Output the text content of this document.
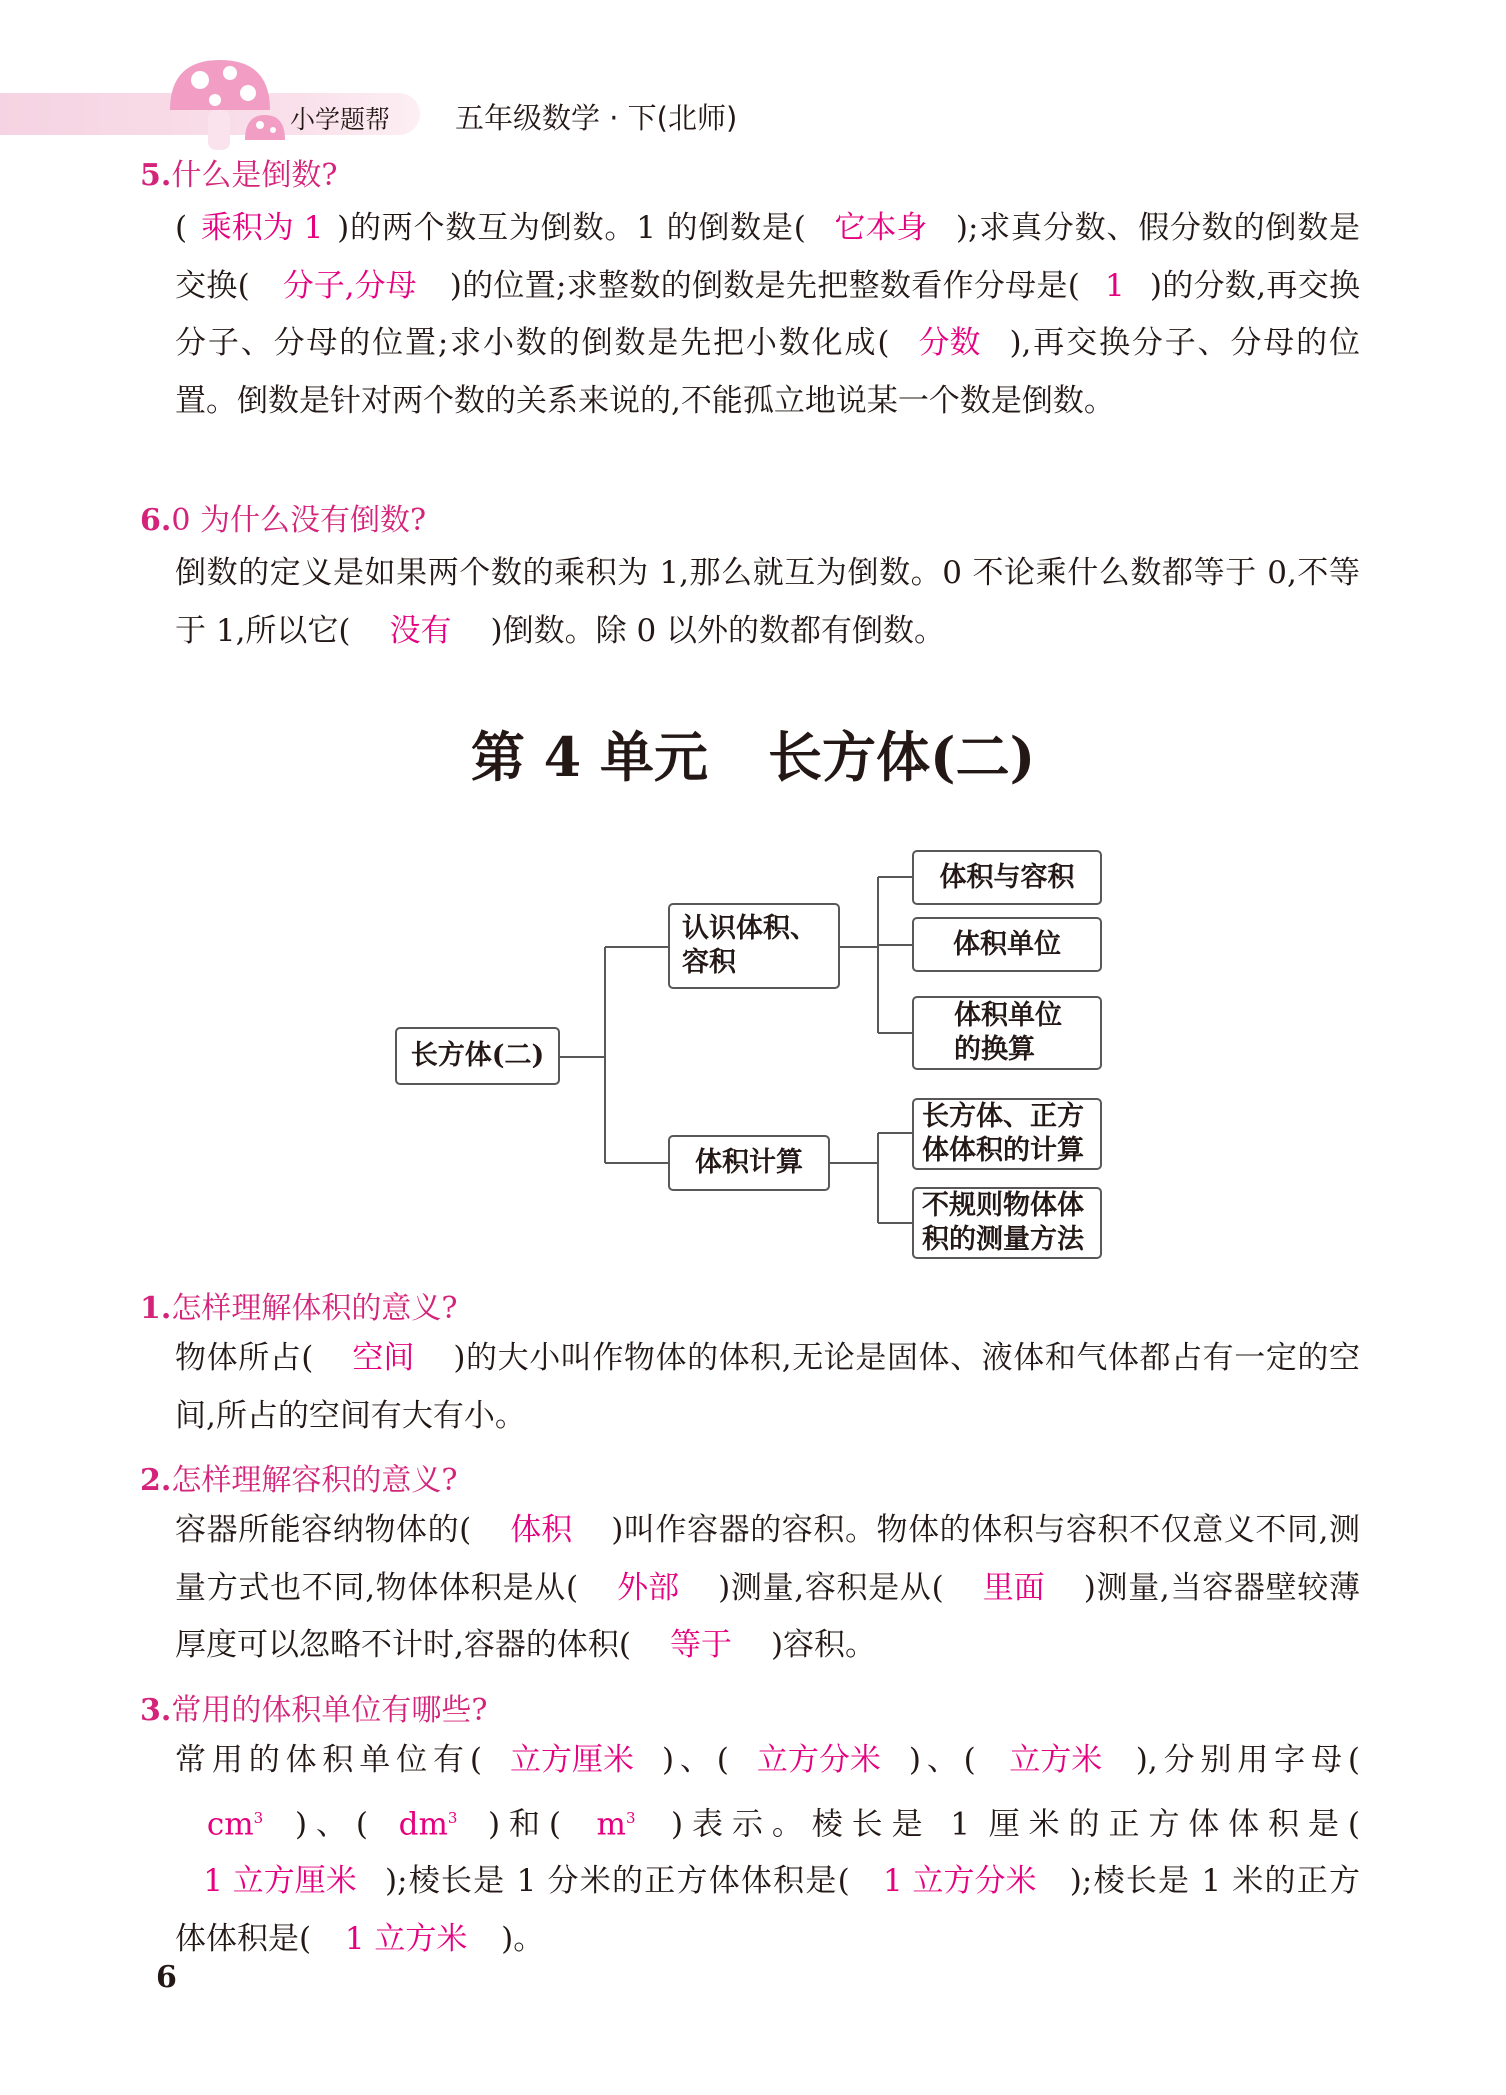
小学题帮 五年级数学 · 下(北师)
5.什么是倒数?
( 乘积为 1 )的两个数互为倒数。1 的倒数是( 它本身 );求真分数、假分数的倒数是交换( 分子,分母 )的位置;求整数的倒数是先把整数看作分母是( 1 )的分数,再交换分子、分母的位置;求小数的倒数是先把小数化成( 分数 ),再交换分子、分母的位置。倒数是针对两个数的关系来说的,不能孤立地说某一个数是倒数。
6.0 为什么没有倒数?
倒数的定义是如果两个数的乘积为 1,那么就互为倒数。0 不论乘什么数都等于 0,不等于 1,所以它( 没有 )倒数。除 0 以外的数都有倒数。
第 4 单元 长方体(二)
长方体(二)
认识体积、容积
体积计算
体积与容积
体积单位
体积单位的换算
长方体、正方体体积的计算
不规则物体体积的测量方法
1.怎样理解体积的意义?
物体所占( 空间 )的大小叫作物体的体积,无论是固体、液体和气体都占有一定的空间,所占的空间有大有小。
2.怎样理解容积的意义?
容器所能容纳物体的( 体积 )叫作容器的容积。物体的体积与容积不仅意义不同,测量方式也不同,物体体积是从( 外部 )测量,容积是从( 里面 )测量,当容器壁较薄厚度可以忽略不计时,容器的体积( 等于 )容积。
3.常用的体积单位有哪些?
常用的体积单位有( 立方厘米 )、( 立方分米 )、( 立方米 ),分别用字母($cm^3$ )、( $dm^3$ )和( $m^3$ )表示。棱长是 1 厘米的正方体体积是(1 立方厘米 );棱长是 1 分米的正方体体积是( 1 立方分米 );棱长是 1 米的正方体体积是( 1 立方米 )。
6
